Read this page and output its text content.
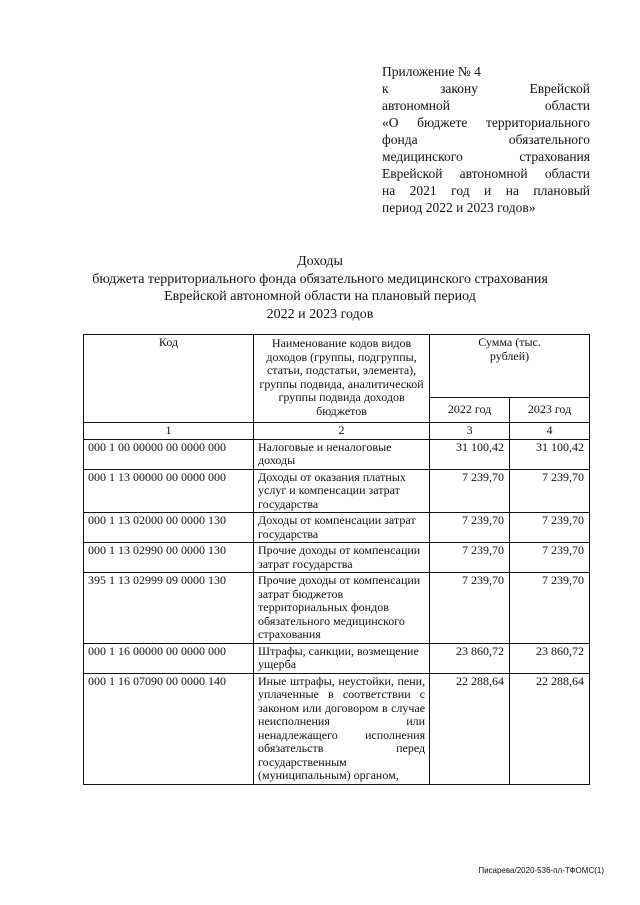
Приложение № 4
к закону Еврейской
автономной области
«О бюджете территориального
фонда обязательного
медицинского страхования
Еврейской автономной области
на 2021 год и на плановый
период 2022 и 2023 годов»
Доходы
бюджета территориального фонда обязательного медицинского страхования
Еврейской автономной области на плановый период
2022 и 2023 годов
Код	Наименование кодов видов доходов (группы, подгруппы, статьи, подстатьи, элемента), группы подвида, аналитической группы подвида доходов бюджетов	Сумма (тыс. рублей)	

		2022 год	2023 год
1	2	3	4
000 1 00 00000 00 0000 000	Налоговые и неналоговые доходы	31 100,42	31 100,42
000 1 13 00000 00 0000 000	Доходы от оказания платных услуг и компенсации затрат государства	7 239,70	7 239,70
000 1 13 02000 00 0000 130	Доходы от компенсации затрат государства	7 239,70	7 239,70
000 1 13 02990 00 0000 130	Прочие доходы от компенсации затрат государства	7 239,70	7 239,70
395 1 13 02999 09 0000 130	Прочие доходы от компенсации затрат бюджетов территориальных фондов обязательного медицинского страхования	7 239,70	7 239,70
000 1 16 00000 00 0000 000	Штрафы, санкции, возмещение ущерба	23 860,72	23 860,72
000 1 16 07090 00 0000 140	Иные штрафы, неустойки, пени, уплаченные в соответствии с законом или договором в случае неисполнения или ненадлежащего исполнения обязательств перед государственным (муниципальным) органом,	22 288,64	22 288,64
Писарева/2020-536-пл-ТФОМС(1)
